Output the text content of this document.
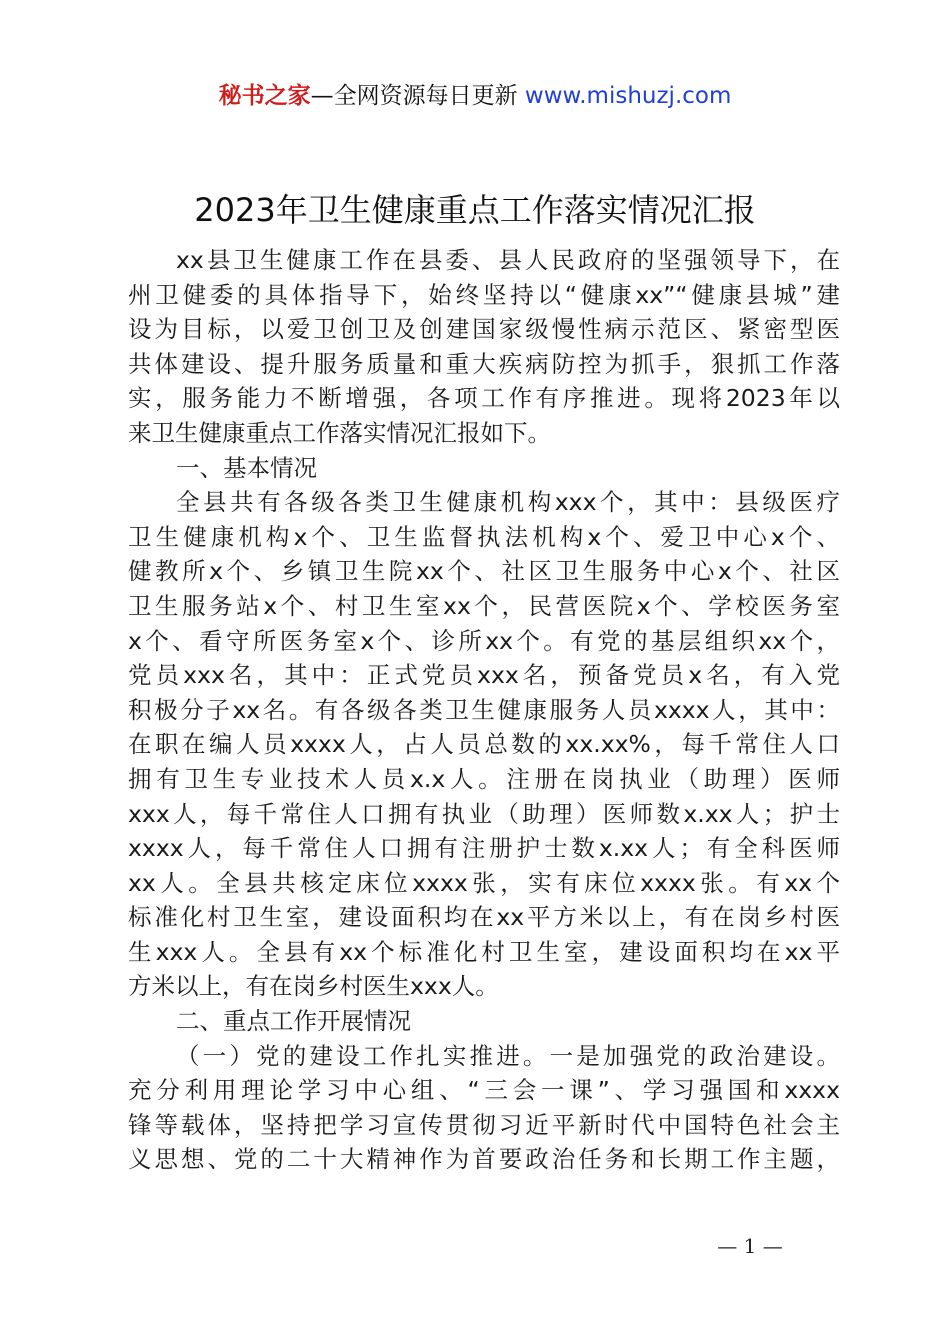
秘书之家—全网资源每日更新 www.mishuzj.com
2023年卫生健康重点工作落实情况汇报
xx县卫生健康工作在县委、县人民政府的坚强领导下，在
州卫健委的具体指导下，始终坚持以“健康xx”“健康县城”建
设为目标，以爱卫创卫及创建国家级慢性病示范区、紧密型医
共体建设、提升服务质量和重大疾病防控为抓手，狠抓工作落
实，服务能力不断增强，各项工作有序推进。现将2023年以
来卫生健康重点工作落实情况汇报如下。
一、基本情况
全县共有各级各类卫生健康机构xxx个，其中：县级医疗
卫生健康机构x个、卫生监督执法机构x个、爱卫中心x个、
健教所x个、乡镇卫生院xx个、社区卫生服务中心x个、社区
卫生服务站x个、村卫生室xx个，民营医院x个、学校医务室
x个、看守所医务室x个、诊所xx个。有党的基层组织xx个，
党员xxx名，其中：正式党员xxx名，预备党员x名，有入党
积极分子xx名。有各级各类卫生健康服务人员xxxx人，其中：
在职在编人员xxxx人，占人员总数的xx.xx%，每千常住人口
拥有卫生专业技术人员x.x人。注册在岗执业（助理）医师
xxx人，每千常住人口拥有执业（助理）医师数x.xx人；护士
xxxx人，每千常住人口拥有注册护士数x.xx人；有全科医师
xx人。全县共核定床位xxxx张，实有床位xxxx张。有xx个
标准化村卫生室，建设面积均在xx平方米以上，有在岗乡村医
生xxx人。全县有xx个标准化村卫生室，建设面积均在xx平
方米以上，有在岗乡村医生xxx人。
二、重点工作开展情况
（一）党的建设工作扎实推进。一是加强党的政治建设。
充分利用理论学习中心组、“三会一课”、学习强国和xxxx
锋等载体，坚持把学习宣传贯彻习近平新时代中国特色社会主
义思想、党的二十大精神作为首要政治任务和长期工作主题，
— 1 —
